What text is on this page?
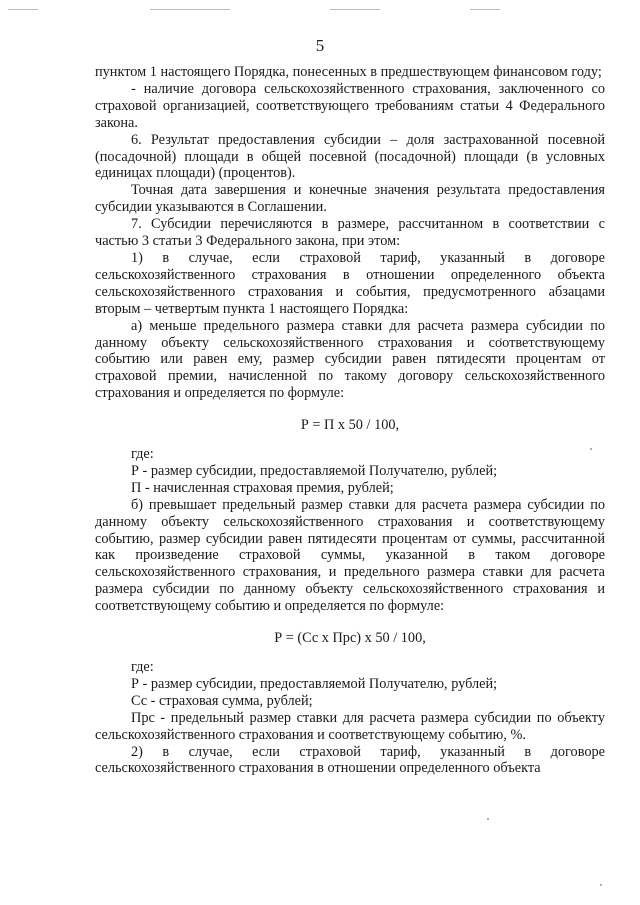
5

пунктом 1 настоящего Порядка, понесенных в предшествующем финансовом году;

- наличие договора сельскохозяйственного страхования, заключенного со страховой организацией, соответствующего требованиям статьи 4 Федерального закона.

6. Результат предоставления субсидии – доля застрахованной посевной (посадочной) площади в общей посевной (посадочной) площади (в условных единицах площади) (процентов).

Точная дата завершения и конечные значения результата предоставления субсидии указываются в Соглашении.

7. Субсидии перечисляются в размере, рассчитанном в соответствии с частью 3 статьи 3 Федерального закона, при этом:

1) в случае, если страховой тариф, указанный в договоре сельскохозяйственного страхования в отношении определенного объекта сельскохозяйственного страхования и события, предусмотренного абзацами вторым – четвертым пункта 1 настоящего Порядка:

а) меньше предельного размера ставки для расчета размера субсидии по данному объекту сельскохозяйственного страхования и соответствующему событию или равен ему, размер субсидии равен пятидесяти процентам от страховой премии, начисленной по такому договору сельскохозяйственного страхования и определяется по формуле:

Р = П x 50 / 100,

где:

Р - размер субсидии, предоставляемой Получателю, рублей;

П - начисленная страховая премия, рублей;

б) превышает предельный размер ставки для расчета размера субсидии по данному объекту сельскохозяйственного страхования и соответствующему событию, размер субсидии равен пятидесяти процентам от суммы, рассчитанной как произведение страховой суммы, указанной в таком договоре сельскохозяйственного страхования, и предельного размера ставки для расчета размера субсидии по данному объекту сельскохозяйственного страхования и соответствующему событию и определяется по формуле:

Р = (Сс x Прс) x 50 / 100,

где:

Р - размер субсидии, предоставляемой Получателю, рублей;

Сс - страховая сумма, рублей;

Прс - предельный размер ставки для расчета размера субсидии по объекту сельскохозяйственного страхования и соответствующему событию, %.

2) в случае, если страховой тариф, указанный в договоре сельскохозяйственного страхования в отношении определенного объекта
